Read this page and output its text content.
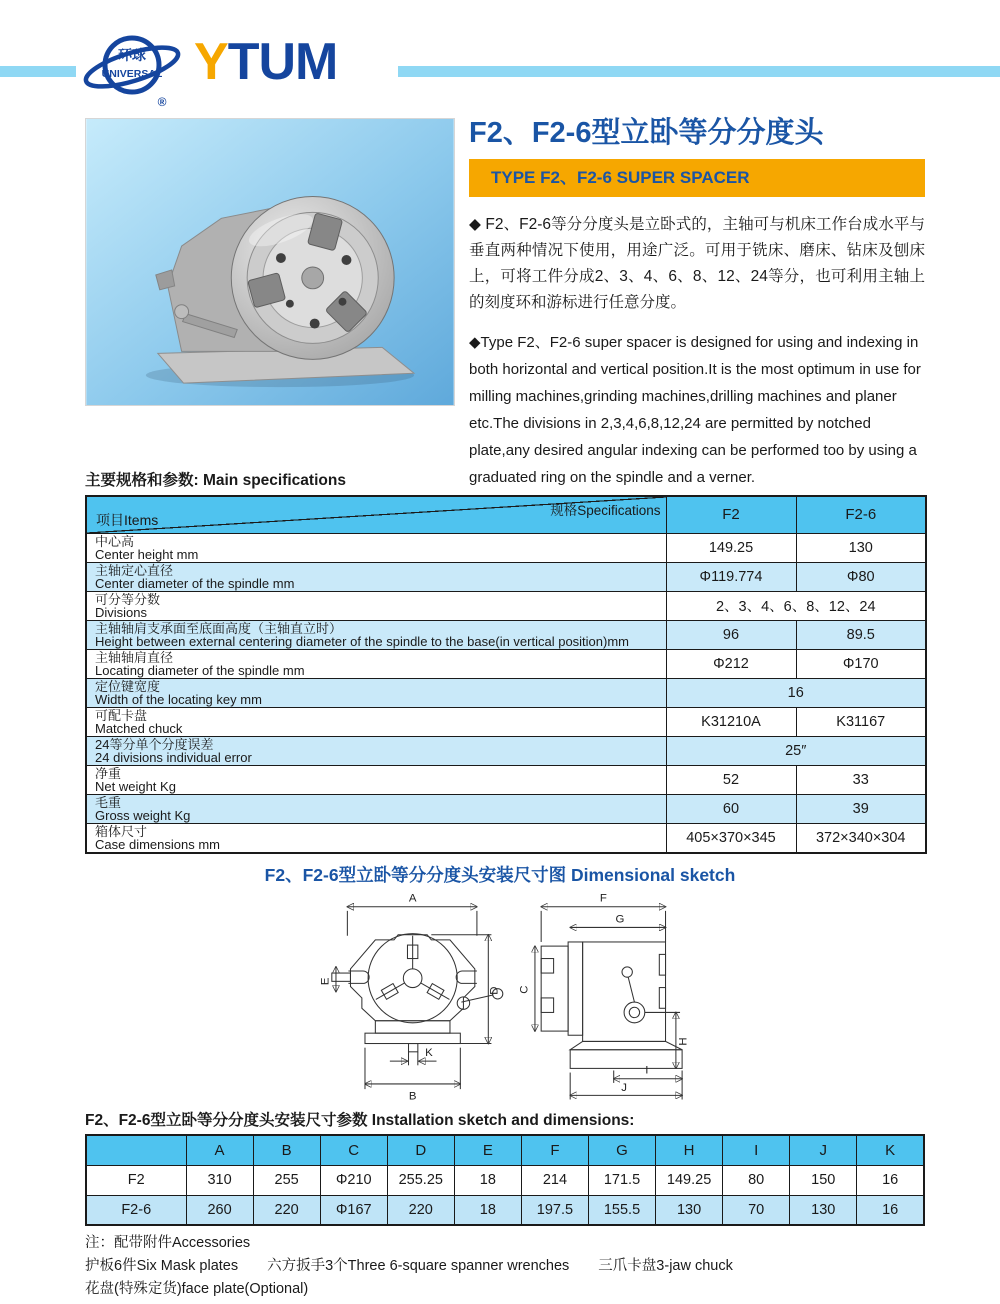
环球
UNIVERSAL
®
YTUM
F2、F2-6型立卧等分分度头
TYPE F2、F2-6 SUPER SPACER

◆ F2、F2-6等分分度头是立卧式的，主轴可与机床工作台成水平与垂直两种情况下使用，用途广泛。可用于铣床、磨床、钻床及刨床上，可将工件分成2、3、4、6、8、12、24等分，也可利用主轴上的刻度环和游标进行任意分度。

◆Type F2、F2-6 super spacer is designed for using and indexing in both horizontal and vertical position.It is the most optimum in use for milling machines,grinding machines,drilling machines and planer etc.The divisions in 2,3,4,6,8,12,24 are permitted by notched plate,any desired angular indexing can be performed too by using a graduated ring on the spindle and a verner.

主要规格和参数: Main specifications
规格Specifications
项目Items	F2	F2-6

中心高
Center height mm	149.25	130

主轴定心直径
Center diameter of the spindle mm	Φ119.774	Φ80

可分等分数
Divisions	2、3、4、6、8、12、24	

主轴轴肩支承面至底面高度（主轴直立时）
Height between external centering diameter of the spindle to the base(in vertical position)mm	96	89.5

主轴轴肩直径
Locating diameter of the spindle mm	Φ212	Φ170

定位键宽度
Width of the locating key mm	16	

可配卡盘
Matched chuck	K31210A	K31167

24等分单个分度误差
24 divisions individual error	25″	

净重
Net weight Kg	52	33

毛重
Gross weight Kg	60	39

箱体尺寸
Case dimensions mm	405×370×345	372×340×304
F2、F2-6型立卧等分分度头安装尺寸图 Dimensional sketch
A
E
D
K
B
F
G
C
H
I
J
F2、F2-6型立卧等分分度头安装尺寸参数 Installation sketch and dimensions:
	A	B	C	D	E	F	G	H	I	J	K
F2	310	255	Φ210	255.25	18	214	171.5	149.25	80	150	16
F2-6	260	220	Φ167	220	18	197.5	155.5	130	70	130	16
注：配带附件Accessories
护板6件Six Mask plates　　六方扳手3个Three 6-square spanner wrenches　　三爪卡盘3-jaw chuck
花盘(特殊定货)face plate(Optional)
